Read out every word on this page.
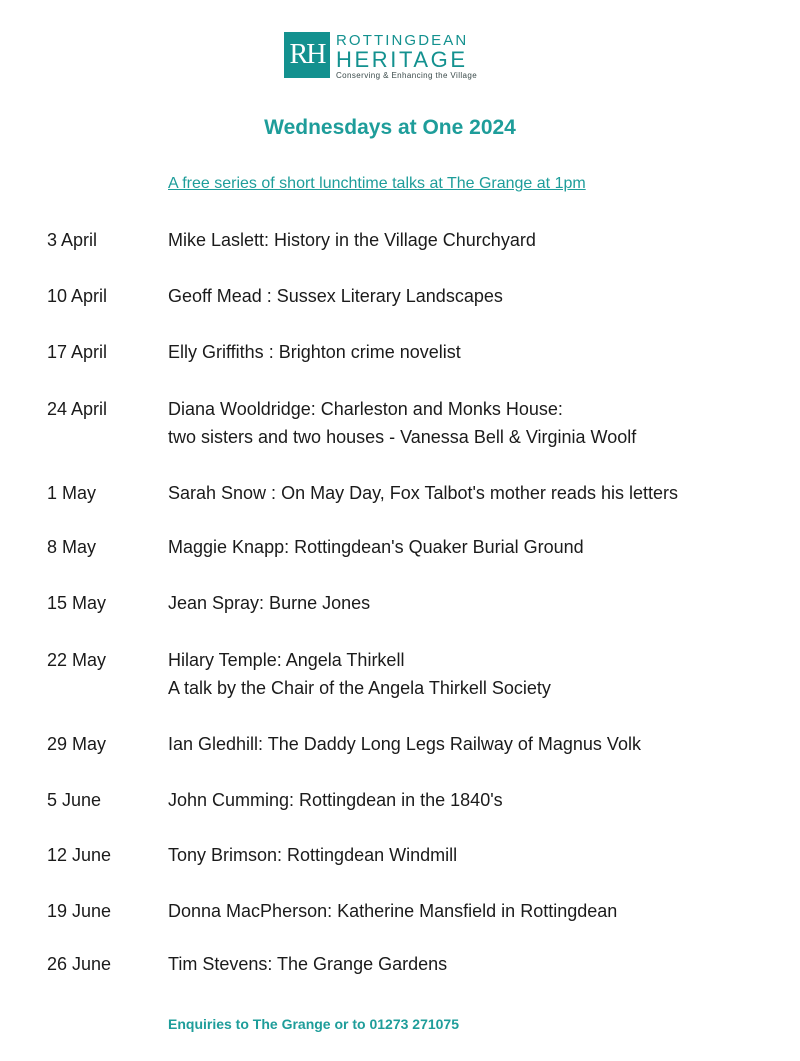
RH ROTTINGDEAN
HERITAGE
Conserving & Enhancing the Village
Wednesdays at One 2024

A free series of short lunchtime talks at The Grange at 1pm

3 April	Mike Laslett: History in the Village Churchyard
10 April	Geoff Mead : Sussex Literary Landscapes
17 April	Elly Griffiths : Brighton crime novelist
24 April	Diana Wooldridge: Charleston and Monks House:
two sisters and two houses - Vanessa Bell & Virginia Woolf
1 May	Sarah Snow : On May Day, Fox Talbot's mother reads his letters
8 May	Maggie Knapp: Rottingdean's Quaker Burial Ground
15 May	Jean Spray: Burne Jones
22 May	Hilary Temple: Angela Thirkell
A talk by the Chair of the Angela Thirkell Society
29 May	Ian Gledhill: The Daddy Long Legs Railway of Magnus Volk
5 June	John Cumming: Rottingdean in the 1840's
12 June	Tony Brimson: Rottingdean Windmill
19 June	Donna MacPherson: Katherine Mansfield in Rottingdean
26 June	Tim Stevens: The Grange Gardens

Enquiries to The Grange or to 01273 271075
